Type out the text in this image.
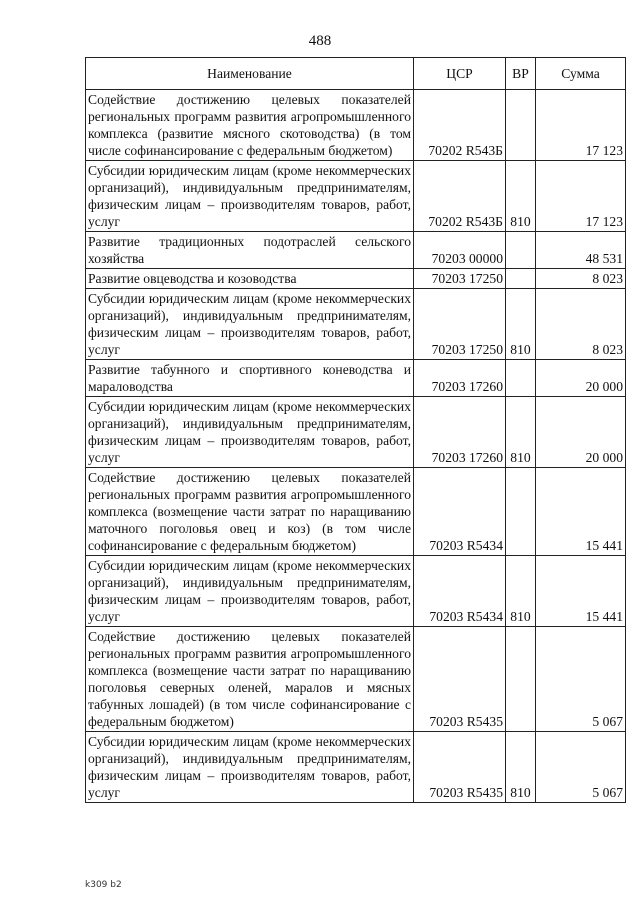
488
Наименование	ЦСР	ВР	Сумма
Содействие достижению целевых показателей региональных программ развития агропромышленного комплекса (развитие мясного скотоводства) (в том числе софинансирование с федеральным бюджетом)	70202 R543Б		17 123
Субсидии юридическим лицам (кроме некоммерческих организаций), индивидуальным предпринимателям, физическим лицам – производителям товаров, работ, услуг	70202 R543Б	810	17 123
Развитие традиционных подотраслей сельского хозяйства	70203 00000		48 531
Развитие овцеводства и козоводства	70203 17250		8 023
Субсидии юридическим лицам (кроме некоммерческих организаций), индивидуальным предпринимателям, физическим лицам – производителям товаров, работ, услуг	70203 17250	810	8 023
Развитие табунного и спортивного коневодства и мараловодства	70203 17260		20 000
Субсидии юридическим лицам (кроме некоммерческих организаций), индивидуальным предпринимателям, физическим лицам – производителям товаров, работ, услуг	70203 17260	810	20 000
Содействие достижению целевых показателей региональных программ развития агропромышленного комплекса (возмещение части затрат по наращиванию маточного поголовья овец и коз) (в том числе софинансирование с федеральным бюджетом)	70203 R5434		15 441
Субсидии юридическим лицам (кроме некоммерческих организаций), индивидуальным предпринимателям, физическим лицам – производителям товаров, работ, услуг	70203 R5434	810	15 441
Содействие достижению целевых показателей региональных программ развития агропромышленного комплекса (возмещение части затрат по наращиванию поголовья северных оленей, маралов и мясных табунных лошадей) (в том числе софинансирование с федеральным бюджетом)	70203 R5435		5 067
Субсидии юридическим лицам (кроме некоммерческих организаций), индивидуальным предпринимателям, физическим лицам – производителям товаров, работ, услуг	70203 R5435	810	5 067
k309 b2
